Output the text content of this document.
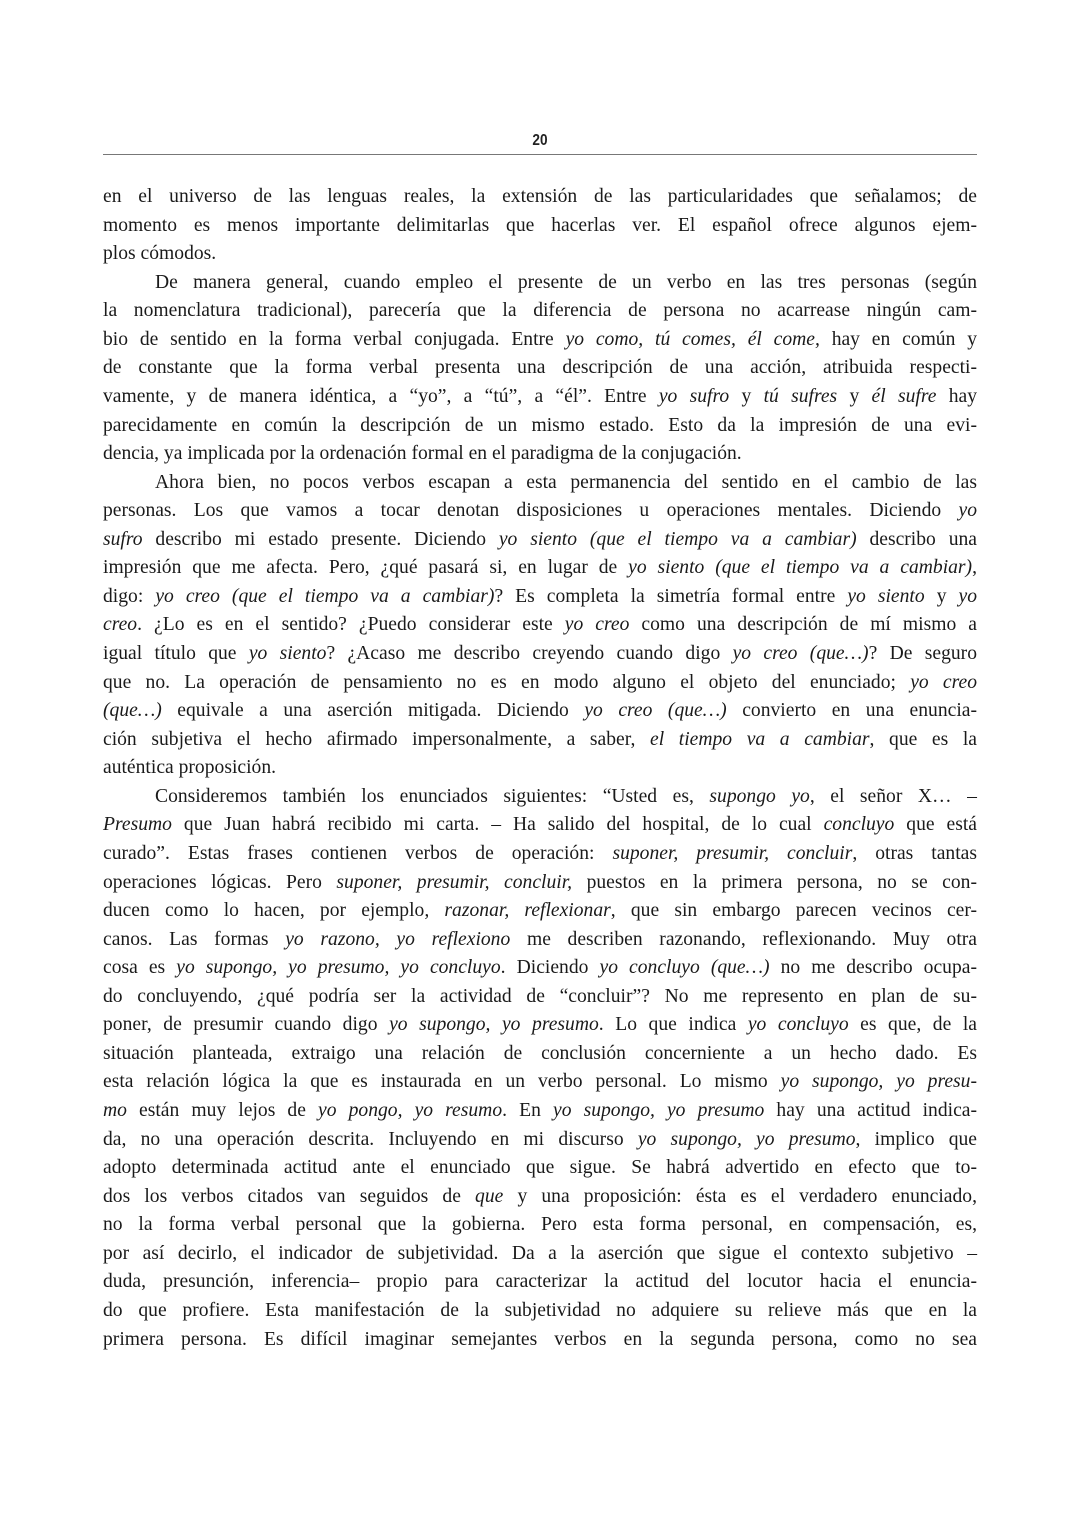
20
en el universo de las lenguas reales, la extensión de las particularidades que señalamos; de
momento es menos importante delimitarlas que hacerlas ver. El español ofrece algunos ejem-
plos cómodos.
De manera general, cuando empleo el presente de un verbo en las tres personas (según
la nomenclatura tradicional), parecería que la diferencia de persona no acarrease ningún cam-
bio de sentido en la forma verbal conjugada. Entre yo como, tú comes, él come, hay en común y
de constante que la forma verbal presenta una descripción de una acción, atribuida respecti-
vamente, y de manera idéntica, a “yo”, a “tú”, a “él”. Entre yo sufro y tú sufres y él sufre hay
parecidamente en común la descripción de un mismo estado. Esto da la impresión de una evi-
dencia, ya implicada por la ordenación formal en el paradigma de la conjugación.
Ahora bien, no pocos verbos escapan a esta permanencia del sentido en el cambio de las
personas. Los que vamos a tocar denotan disposiciones u operaciones mentales. Diciendo yo
sufro describo mi estado presente. Diciendo yo siento (que el tiempo va a cambiar) describo una
impresión que me afecta. Pero, ¿qué pasará si, en lugar de yo siento (que el tiempo va a cambiar),
digo: yo creo (que el tiempo va a cambiar)? Es completa la simetría formal entre yo siento y yo
creo. ¿Lo es en el sentido? ¿Puedo considerar este yo creo como una descripción de mí mismo a
igual título que yo siento? ¿Acaso me describo creyendo cuando digo yo creo (que…)? De seguro
que no. La operación de pensamiento no es en modo alguno el objeto del enunciado; yo creo
(que…) equivale a una aserción mitigada. Diciendo yo creo (que…) convierto en una enuncia-
ción subjetiva el hecho afirmado impersonalmente, a saber, el tiempo va a cambiar, que es la
auténtica proposición.
Consideremos también los enunciados siguientes: “Usted es, supongo yo, el señor X… –
Presumo que Juan habrá recibido mi carta. – Ha salido del hospital, de lo cual concluyo que está
curado”. Estas frases contienen verbos de operación: suponer, presumir, concluir, otras tantas
operaciones lógicas. Pero suponer, presumir, concluir, puestos en la primera persona, no se con-
ducen como lo hacen, por ejemplo, razonar, reflexionar, que sin embargo parecen vecinos cer-
canos. Las formas yo razono, yo reflexiono me describen razonando, reflexionando. Muy otra
cosa es yo supongo, yo presumo, yo concluyo. Diciendo yo concluyo (que…) no me describo ocupa-
do concluyendo, ¿qué podría ser la actividad de “concluir”? No me represento en plan de su-
poner, de presumir cuando digo yo supongo, yo presumo. Lo que indica yo concluyo es que, de la
situación planteada, extraigo una relación de conclusión concerniente a un hecho dado. Es
esta relación lógica la que es instaurada en un verbo personal. Lo mismo yo supongo, yo presu-
mo están muy lejos de yo pongo, yo resumo. En yo supongo, yo presumo hay una actitud indica-
da, no una operación descrita. Incluyendo en mi discurso yo supongo, yo presumo, implico que
adopto determinada actitud ante el enunciado que sigue. Se habrá advertido en efecto que to-
dos los verbos citados van seguidos de que y una proposición: ésta es el verdadero enunciado,
no la forma verbal personal que la gobierna. Pero esta forma personal, en compensación, es,
por así decirlo, el indicador de subjetividad. Da a la aserción que sigue el contexto subjetivo –
duda, presunción, inferencia– propio para caracterizar la actitud del locutor hacia el enuncia-
do que profiere. Esta manifestación de la subjetividad no adquiere su relieve más que en la
primera persona. Es difícil imaginar semejantes verbos en la segunda persona, como no sea
